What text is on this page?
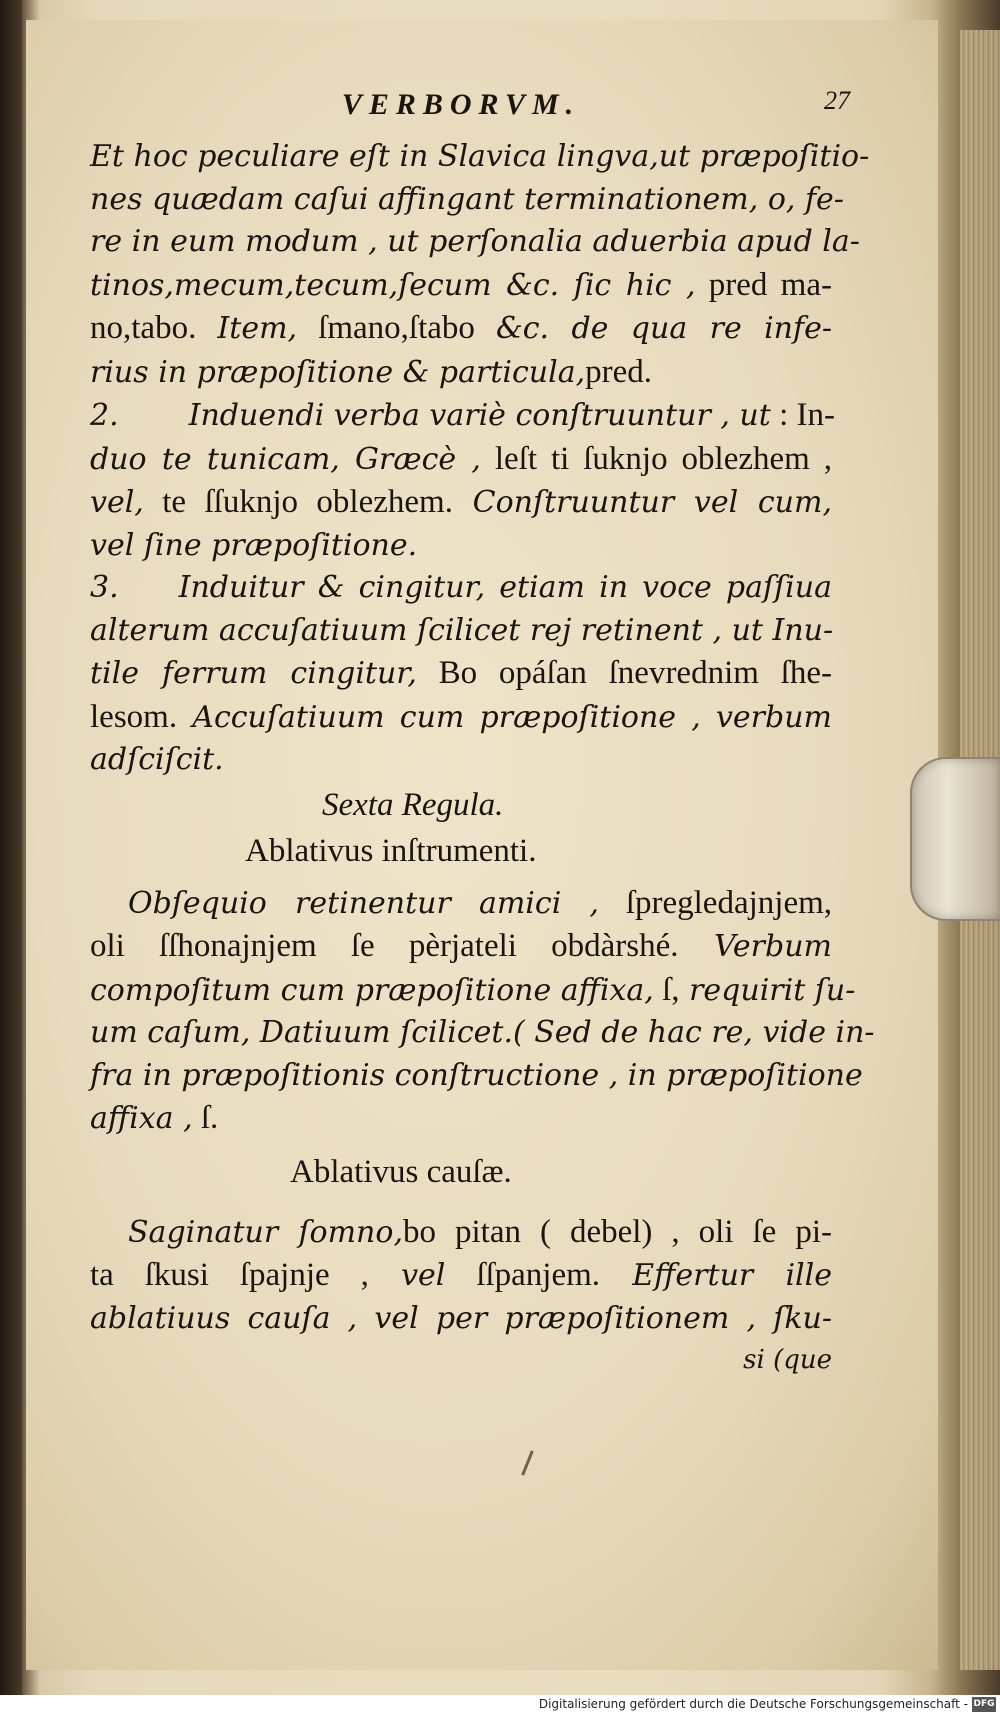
VERBORVM.	27
Et hoc peculiare eſt in Slavica lingva,ut præpoſitio-
nes quædam caſui affingant terminationem, o, fe-
re in eum modum , ut perſonalia aduerbia apud la-
tinos,mecum,tecum,ſecum &c. ſic hic , pred ma-
no,tabo. Item, ſmano,ſtabo &c. de qua re infe-
rius in præpoſitione & particula,pred.
2. Induendi verba variè conſtruuntur , ut : In-
duo te tunicam, Græcè , leſt ti ſuknjo oblezhem ,
vel, te ſſuknjo oblezhem. Conſtruuntur vel cum,
vel ſine præpoſitione.
3. Induitur & cingitur, etiam in voce paſſiua
alterum accuſatiuum ſcilicet rej retinent , ut Inu-
tile ferrum cingitur, Bo opáſan ſnevrednim ſhe-
lesom. Accuſatiuum cum præpoſitione , verbum
adſciſcit.
Sexta Regula.
Ablativus inſtrumenti.
Obſequio retinentur amici , ſpregledajnjem,
oli ſſhonajnjem ſe pèrjateli obdàrshé. Verbum
compoſitum cum præpoſitione affixa, ſ, requirit ſu-
um caſum, Datiuum ſcilicet.( Sed de hac re, vide in-
fra in præpoſitionis conſtructione , in præpoſitione
affixa , ſ.
Ablativus cauſæ.
Saginatur ſomno,bo pitan ( debel) , oli ſe pi-
ta ſkusi ſpajnje , vel ſſpanjem. Effertur ille
ablatiuus cauſa , vel per præpoſitionem , ſku-
si (que
Digitalisierung gefördert durch die Deutsche Forschungsgemeinschaft - DFG
